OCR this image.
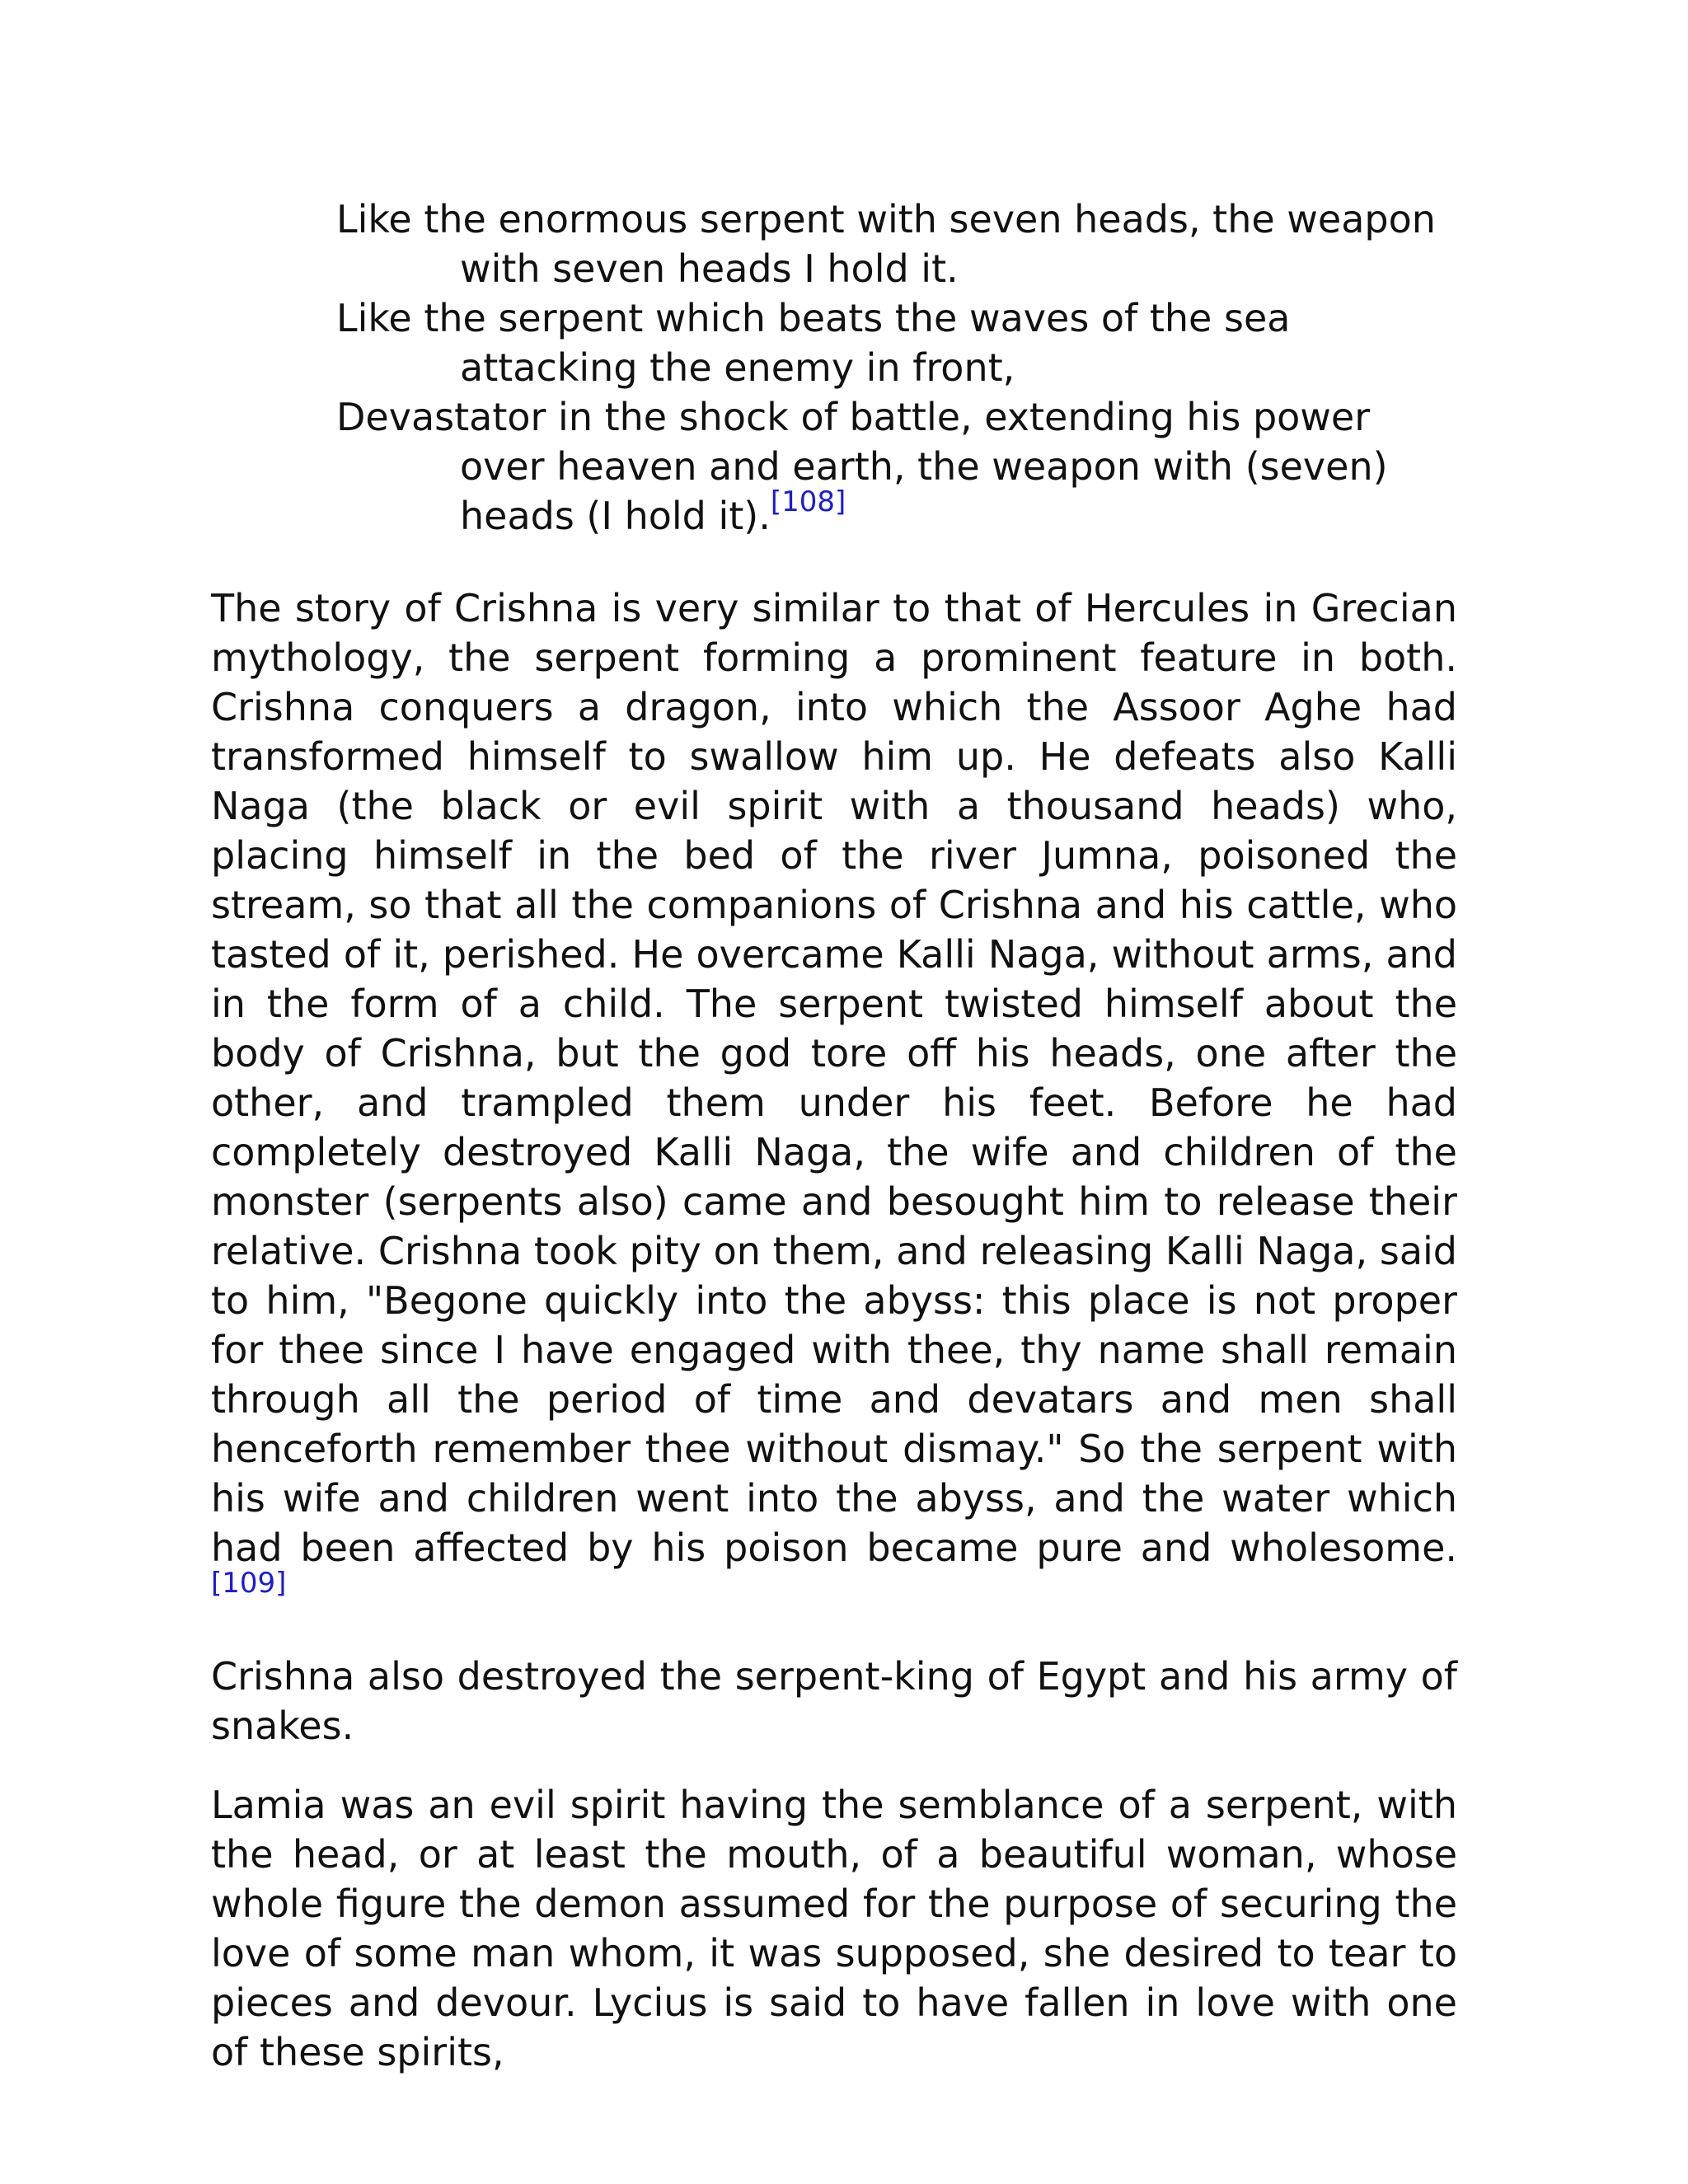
Like the enormous serpent with seven heads, the weapon with seven heads I hold it.
Like the serpent which beats the waves of the sea attacking the enemy in front,
Devastator in the shock of battle, extending his power over heaven and earth, the weapon with (seven) heads (I hold it).[108]

The story of Crishna is very similar to that of Hercules in Grecian mythology, the serpent forming a prominent feature in both. Crishna conquers a dragon, into which the Assoor Aghe had transformed himself to swallow him up. He defeats also Kalli Naga (the black or evil spirit with a thousand heads) who, placing himself in the bed of the river Jumna, poisoned the stream, so that all the companions of Crishna and his cattle, who tasted of it, perished. He overcame Kalli Naga, without arms, and in the form of a child. The serpent twisted himself about the body of Crishna, but the god tore off his heads, one after the other, and trampled them under his feet. Before he had completely destroyed Kalli Naga, the wife and children of the monster (serpents also) came and besought him to release their relative. Crishna took pity on them, and releasing Kalli Naga, said to him, "Begone quickly into the abyss: this place is not proper for thee since I have engaged with thee, thy name shall remain through all the period of time and devatars and men shall henceforth remember thee without dismay." So the serpent with his wife and children went into the abyss, and the water which had been affected by his poison became pure and wholesome.[109]

Crishna also destroyed the serpent-king of Egypt and his army of snakes.

Lamia was an evil spirit having the semblance of a serpent, with the head, or at least the mouth, of a beautiful woman, whose whole figure the demon assumed for the purpose of securing the love of some man whom, it was supposed, she desired to tear to pieces and devour. Lycius is said to have fallen in love with one of these spirits,
